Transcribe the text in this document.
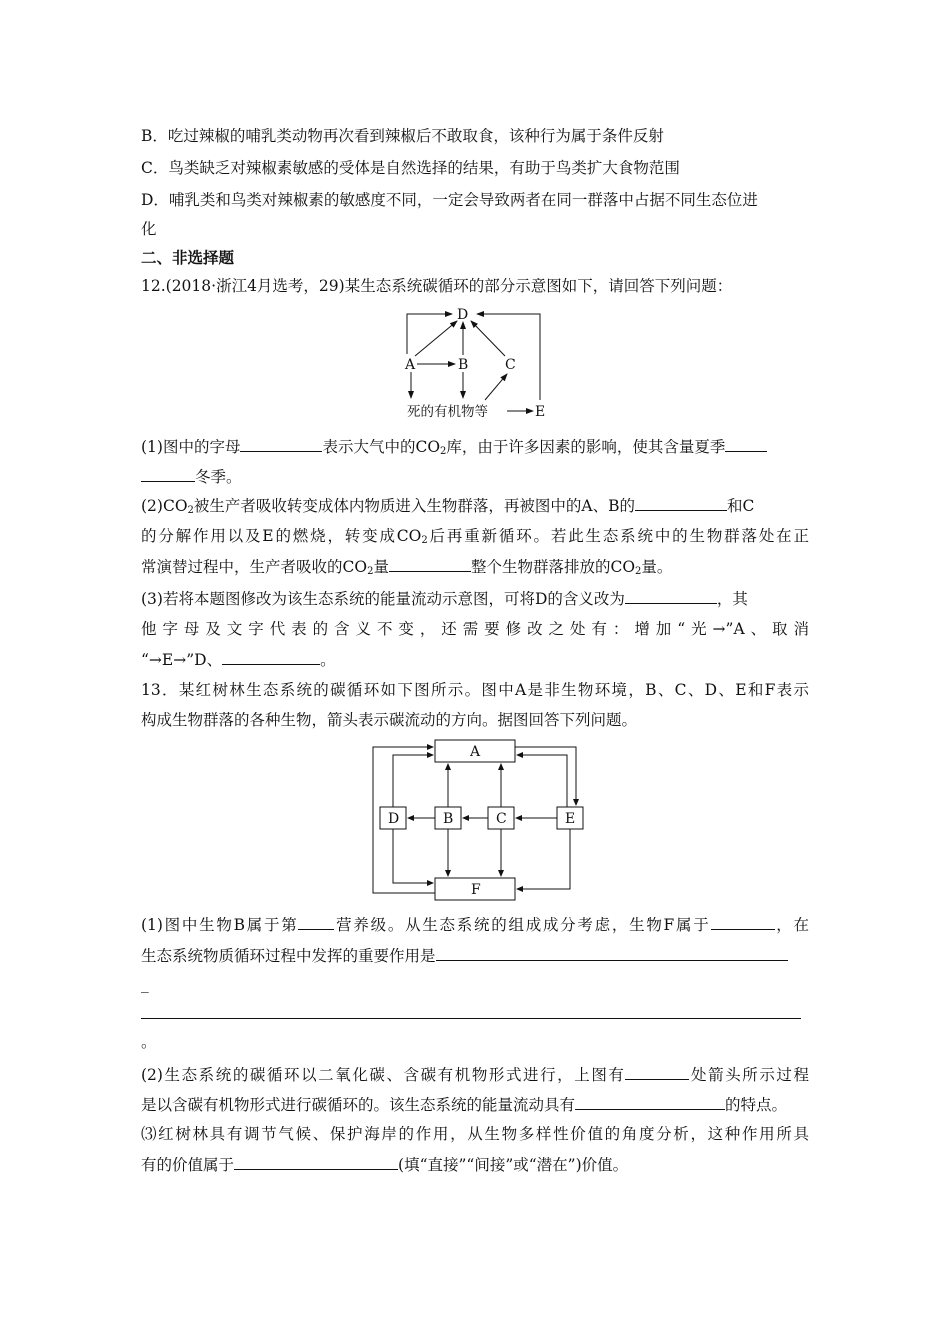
B．吃过辣椒的哺乳类动物再次看到辣椒后不敢取食，该种行为属于条件反射
C．鸟类缺乏对辣椒素敏感的受体是自然选择的结果，有助于鸟类扩大食物范围
D．哺乳类和鸟类对辣椒素的敏感度不同，一定会导致两者在同一群落中占据不同生态位进
化
二、非选择题
12.(2018·浙江4月选考，29)某生态系统碳循环的部分示意图如下，请回答下列问题：
D
A	B	C
死的有机物等	E
(1)图中的字母	表示大气中的$CO_2$库，由于许多因素的影响，使其含量夏季
冬季。
$(2)CO_2$被生产者吸收转变成体内物质进入生物群落，再被图中的A、B的	和C
的分解作用以及E的燃烧，转变成$CO_2$后再重新循环。若此生态系统中的生物群落处在正
常演替过程中，生产者吸收的$CO_2$量	整个生物群落排放的$CO_2$量。
(3)若将本题图修改为该生态系统的能量流动示意图，可将D的含义改为	，其
他字母及文字代表的含义不变，还需要修改之处有：增加“光→”A、取消
“→E→”D、	。
13．某红树林生态系统的碳循环如下图所示。图中A是非生物环境，B、C、D、E和F表示
构成生物群落的各种生物，箭头表示碳流动的方向。据图回答下列问题。
A
F
D	B	C	E
(1)图中生物B属于第 营养级。从生态系统的组成成分考虑，生物F属于	，在
生态系统物质循环过程中发挥的重要作用是
_
。
(2)生态系统的碳循环以二氧化碳、含碳有机物形式进行，上图有	处箭头所示过程
是以含碳有机物形式进行碳循环的。该生态系统的能量流动具有	的特点。
⑶红树林具有调节气候、保护海岸的作用，从生物多样性价值的角度分析，这种作用所具
有的价值属于	(填“直接”“间接”或“潜在”)价值。
